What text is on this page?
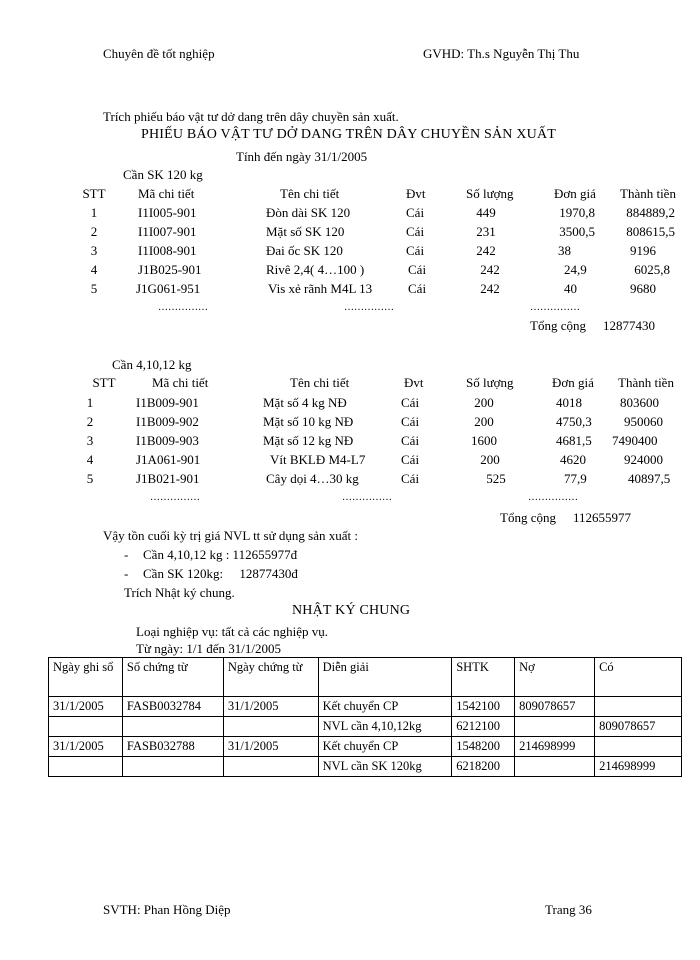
Chuyên đề tốt nghiệp	GVHD: Th.s Nguyễn Thị Thu
Trích phiếu báo vật tư dở dang trên dây chuyền sản xuất.
PHIẾU BÁO VẬT TƯ DỞ DANG TRÊN DÂY CHUYỀN SẢN XUẤT
Tính đến ngày 31/1/2005
Cần SK 120 kg
STT	Mã chi tiết	Tên chi tiết	Đvt	Số lượng	Đơn giá Thành tiền
1	I1I005-901	Đòn dài SK 120	Cái	449	1970,8	884889,2
2	I1I007-901	Mặt số SK 120	Cái	231	3500,5	808615,5
3	I1I008-901	Đai ốc SK 120	Cái	242	38	9196
4	J1B025-901	Rivê 2,4( 4…100 )	Cái	242	24,9	6025,8
5	J1G061-951	Vis xẻ rãnh M4L 13	Cái	242	40	9680
……………	……………	……………
Tổng cộng 12877430
Cần 4,10,12 kg
STT	Mã chi tiết	Tên chi tiết	Đvt	Số lượng	Đơn giá Thành tiền
1	I1B009-901	Mặt số 4 kg NĐ	Cái	200	4018	803600
2	I1B009-902	Mặt số 10 kg NĐ	Cái	200	4750,3 950060
3	I1B009-903	Mặt số 12 kg NĐ	Cái	1600	4681,5 7490400
4	J1A061-901	Vít BKLĐ M4-L7	Cái	200	4620	924000
5	J1B021-901	Cây dọi 4…30 kg	Cái	525	77,9	40897,5
……………	……………	……………
Tổng cộng 112655977
Vậy tồn cuối kỳ trị giá NVL tt sử dụng sản xuất :
- Cần 4,10,12 kg : 112655977đ
- Cần SK 120kg:     12877430đ
Trích Nhật ký chung.
NHẬT KÝ CHUNG
Loại nghiệp vụ: tất cả các nghiệp vụ.
Từ ngày: 1/1 đến 31/1/2005
Ngày ghi sổ	Số chứng từ	Ngày chứng từ	Diễn giải	SHTK	Nợ	Có
31/1/2005	FASB0032784	31/1/2005	Kết chuyển CP	1542100	809078657	
			NVL cần 4,10,12kg	6212100		809078657
31/1/2005	FASB032788	31/1/2005	Kết chuyển CP	1548200	214698999	
			NVL cần SK 120kg	6218200		214698999
SVTH: Phan Hồng Diệp	Trang 36
